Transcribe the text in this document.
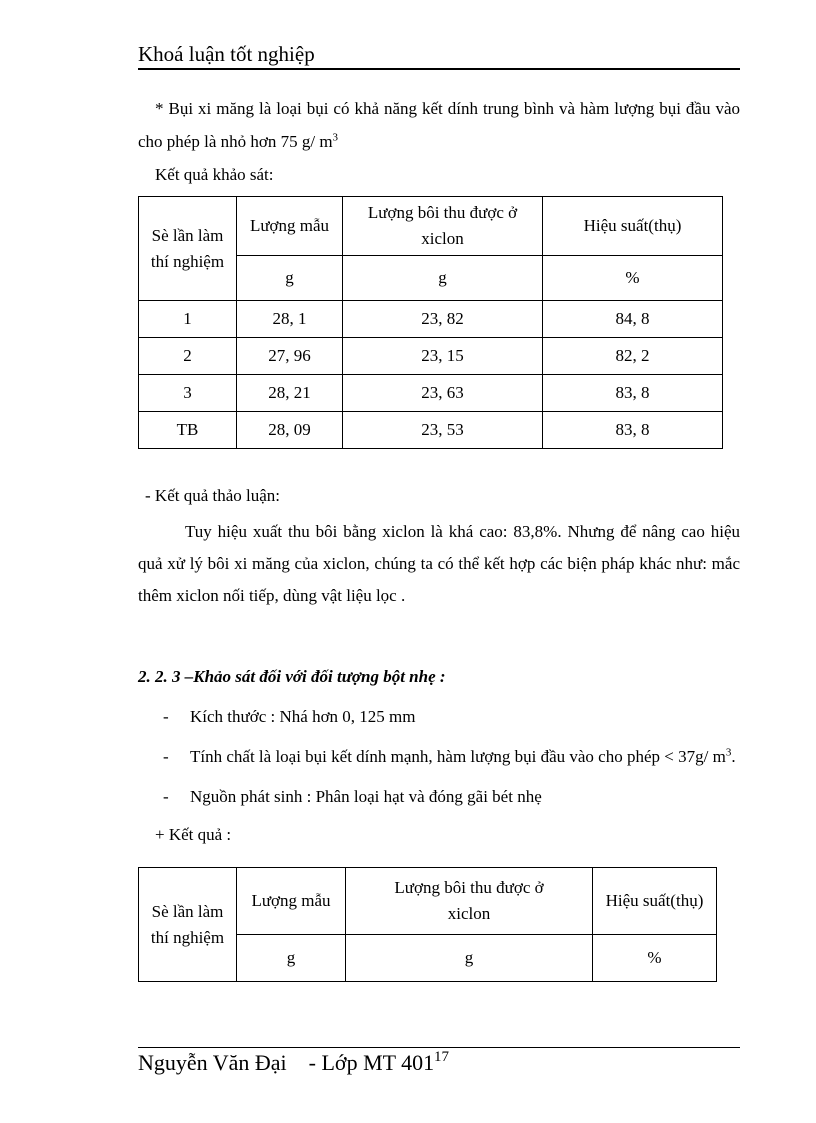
Khoá luận tốt nghiệp

* Bụi xi măng là loại bụi có khả năng kết dính trung bình và hàm lượng bụi đầu vào cho phép là nhỏ hơn 75 g/ $m^3$

Kết quả khảo sát:

Sè lần làm thí nghiệm	Lượng mẫu	Lượng bôi thu được ở xiclon	Hiệu suất(thụ)
	g	g	%
1	28, 1	23, 82	84, 8
2	27, 96	23, 15	82, 2
3	28, 21	23, 63	83, 8
TB	28, 09	23, 53	83, 8

- Kết quả thảo luận:

Tuy hiệu xuất thu bôi bằng xiclon là khá cao: 83,8%. Nhưng để nâng cao hiệu quả xử lý bôi xi măng của xiclon, chúng ta có thể kết hợp các biện pháp khác như: mắc thêm xiclon nối tiếp, dùng vật liệu lọc .

2. 2. 3 –Khảo sát đối với đối tượng bột nhẹ :

-	Kích thước : Nhá hơn 0, 125 mm
-	Tính chất là loại bụi kết dính mạnh, hàm lượng bụi đầu vào cho phép < 37g/ $m^3$.
-	Nguồn phát sinh : Phân loại hạt và đóng gãi bét nhẹ

+ Kết quả :

Sè lần làm thí nghiệm	Lượng mẫu	Lượng bôi thu được ở xiclon	Hiệu suất(thụ)
	g	g	%
Nguyễn Văn Đại - Lớp MT 401 17
